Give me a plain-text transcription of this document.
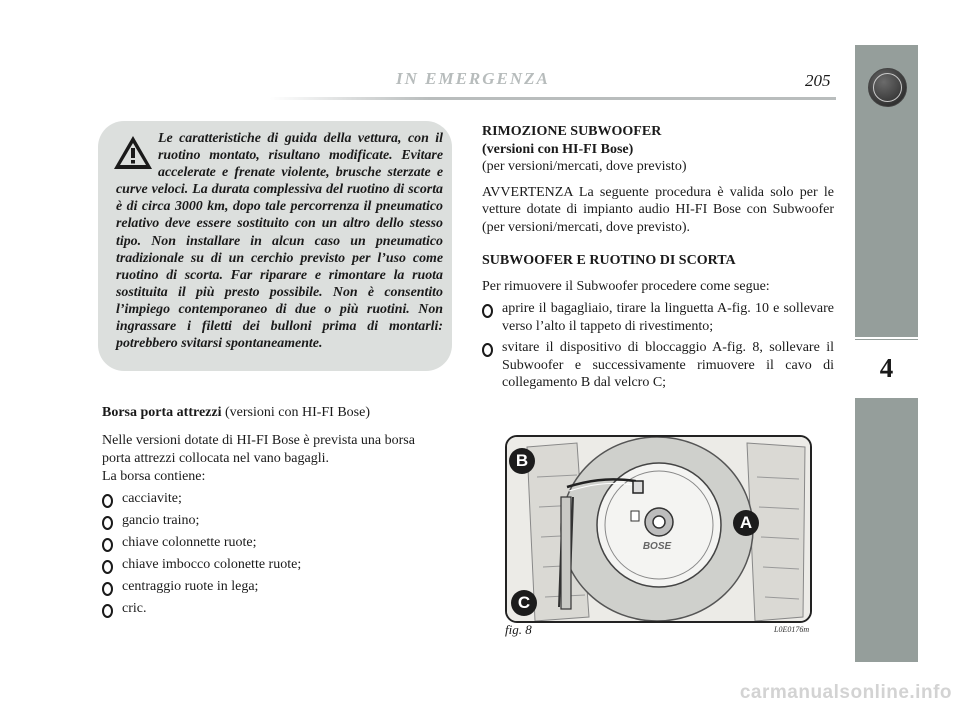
4
IN EMERGENZA	205

Le caratteristiche di guida della vettura, con il ruotino montato, risultano modificate. Evitare accelerate e frenate violente, brusche sterzate e curve veloci. La durata complessiva del ruotino di scorta è di circa 3000 km, dopo tale percorrenza il pneumatico relativo deve essere sostituito con un altro dello stesso tipo. Non installare in alcun caso un pneumatico tradizionale su di un cerchio previsto per l’uso come ruotino di scorta. Far riparare e rimontare la ruota sostituita il più presto possibile. Non è consentito l’impiego contemporaneo di due o più ruotini. Non ingrassare i filetti dei bulloni prima di montarli: potrebbero svitarsi spontaneamente.

Borsa porta attrezzi (versioni con HI-FI Bose)

Nelle versioni dotate di HI-FI Bose è prevista una borsa porta attrezzi collocata nel vano bagagli.

La borsa contiene:

cacciavite;
gancio traino;
chiave colonnette ruote;
chiave imbocco colonette ruote;
centraggio ruote in lega;
cric.

RIMOZIONE SUBWOOFER

(versioni con HI-FI Bose)

(per versioni/mercati, dove previsto)

AVVERTENZA La seguente procedura è valida solo per le vetture dotate di impianto audio HI-FI Bose con Subwoofer (per versioni/mercati, dove previsto).

SUBWOOFER E RUOTINO DI SCORTA

Per rimuovere il Subwoofer procedere come segue:

aprire il bagagliaio, tirare la linguetta A-fig. 10 e sollevare verso l’alto il tappeto di rivestimento;
svitare il dispositivo di bloccaggio A-fig. 8, sollevare il Subwoofer e successivamente rimuovere il cavo di collegamento B dal velcro C;
BOSE
B
A
C
fig. 8	L0E0176m
carmanualsonline.info
